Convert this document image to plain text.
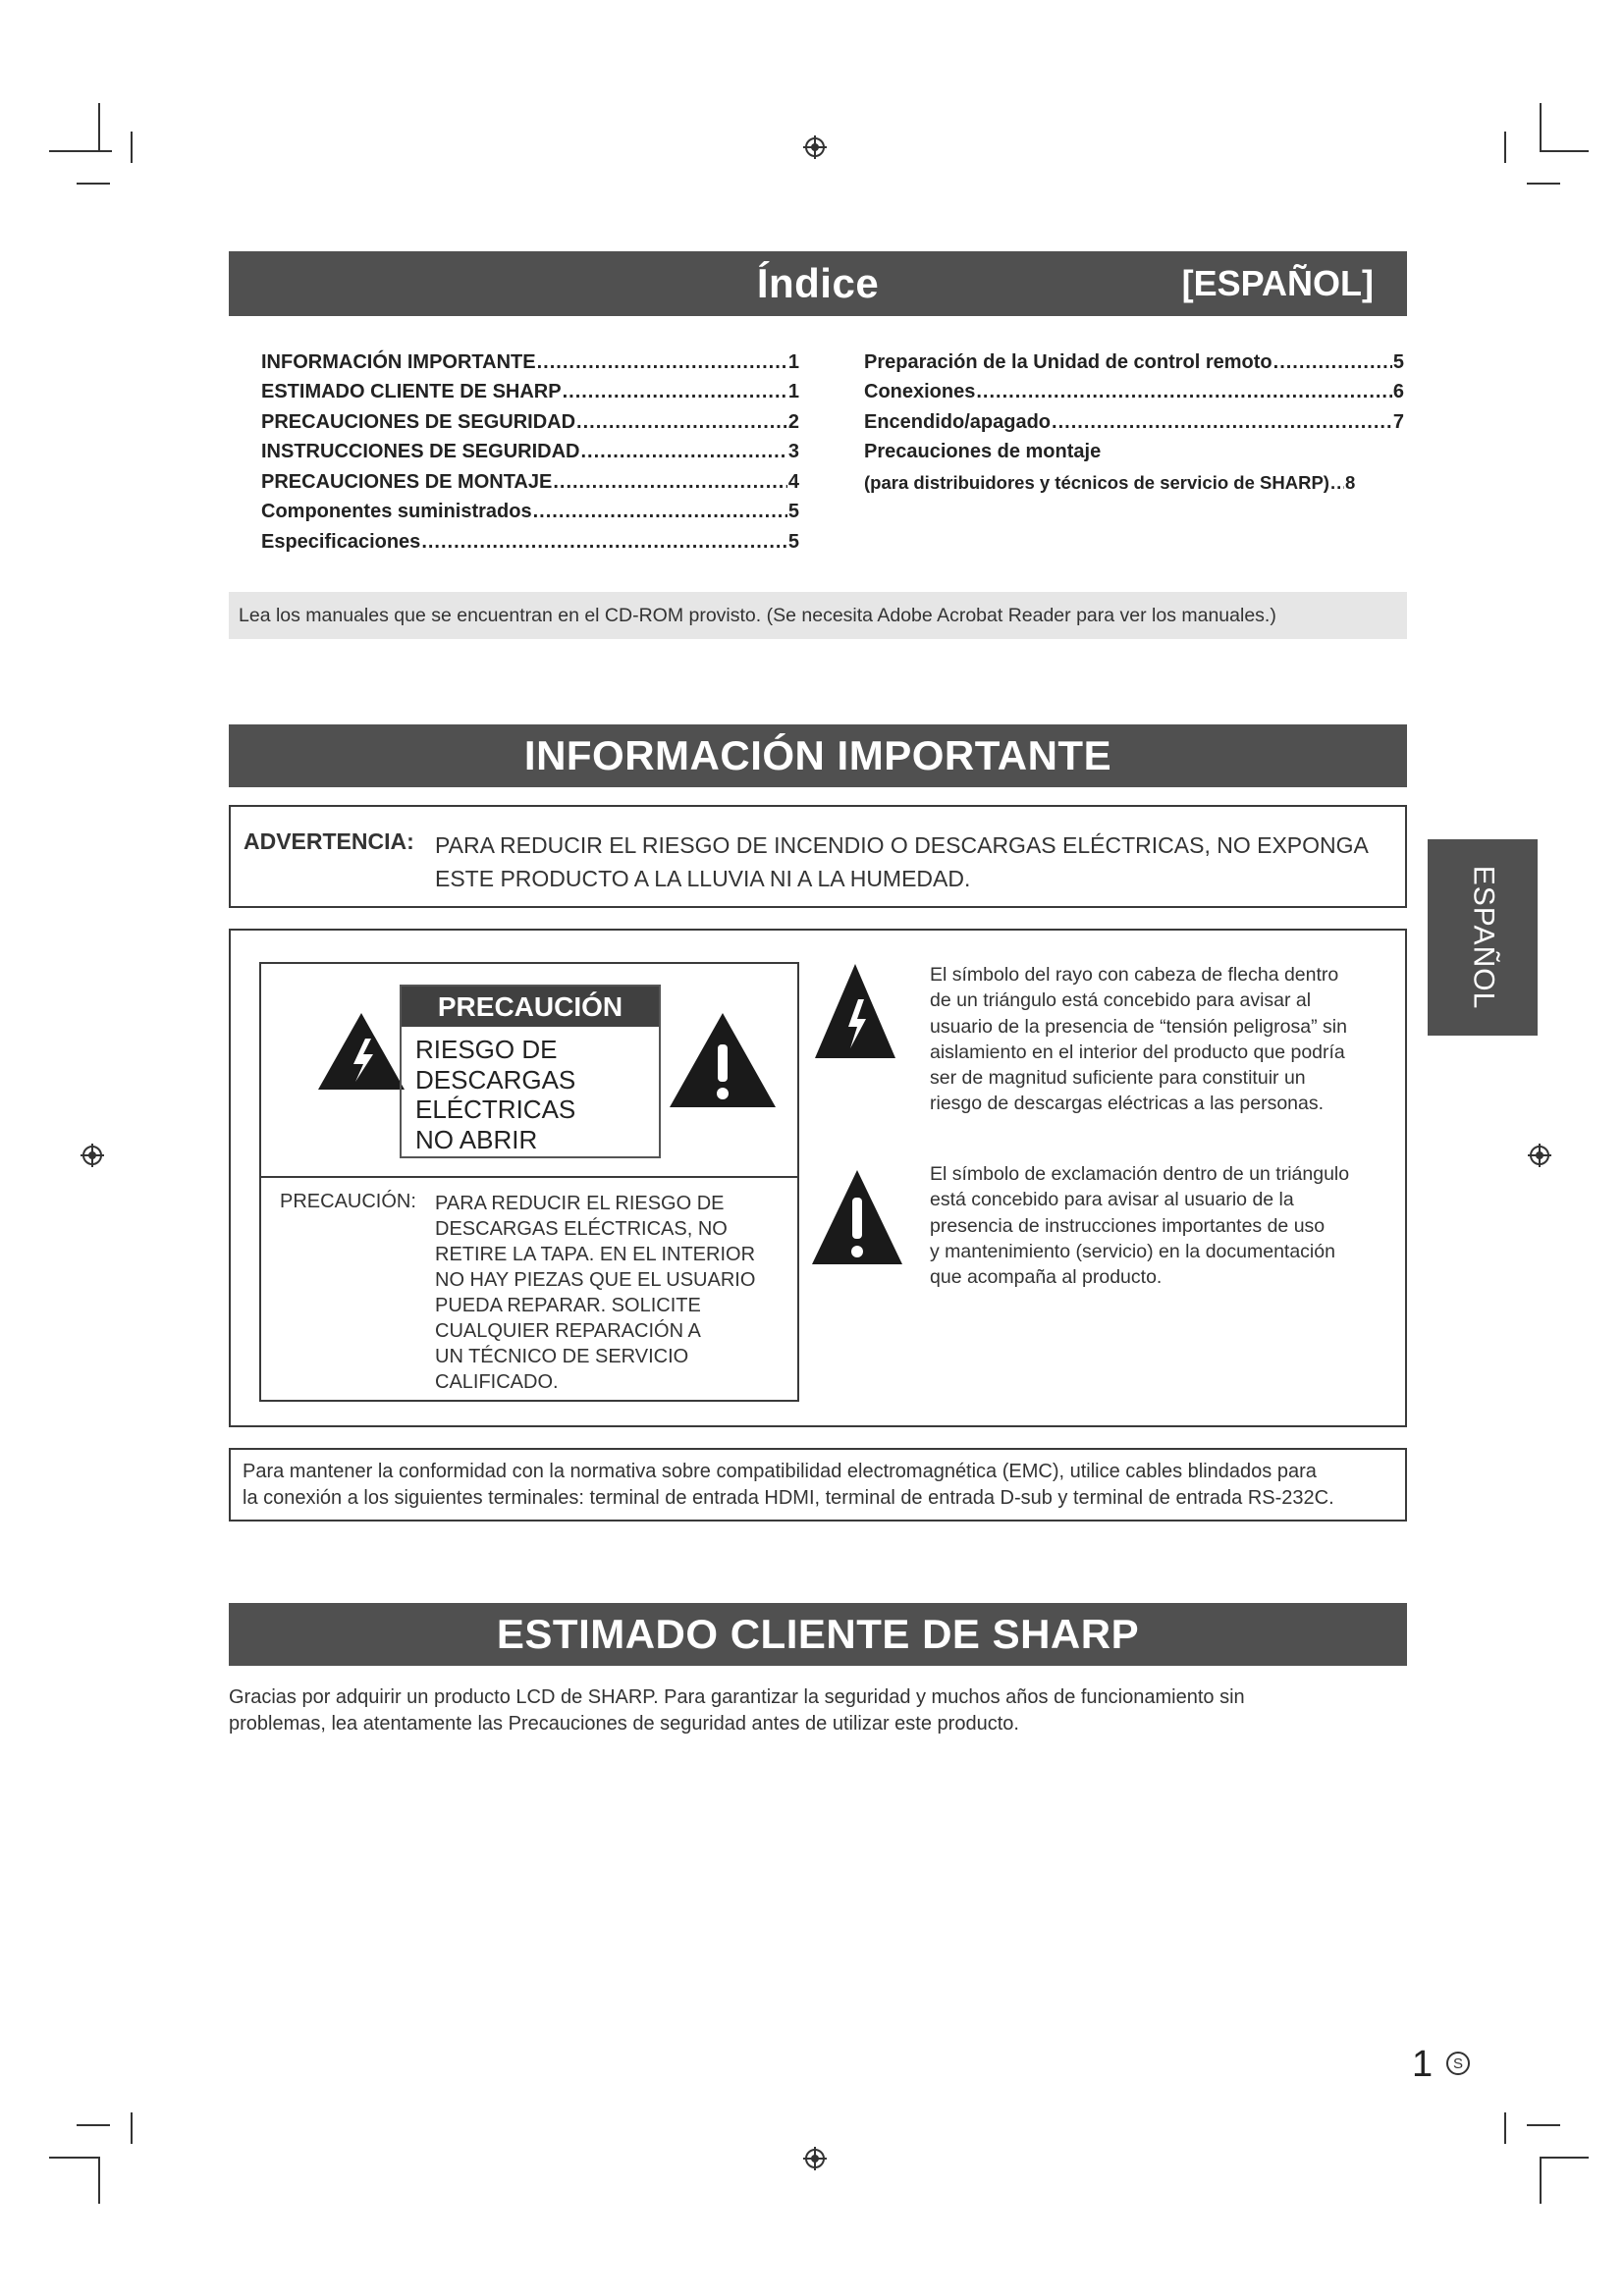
Índice	[ESPAÑOL]
INFORMACIÓN IMPORTANTE .....	1
ESTIMADO CLIENTE DE SHARP .....	1
PRECAUCIONES DE SEGURIDAD .....	2
INSTRUCCIONES DE SEGURIDAD .....	3
PRECAUCIONES DE MONTAJE .....	4
Componentes suministrados .....	5
Especificaciones .....	5
Preparación de la Unidad de control remoto .....	5
Conexiones .....	6
Encendido/apagado .....	7
Precauciones de montaje
(para distribuidores y técnicos de servicio de SHARP) ..... 8
Lea los manuales que se encuentran en el CD-ROM provisto. (Se necesita Adobe Acrobat Reader para ver los manuales.)
INFORMACIÓN IMPORTANTE
ADVERTENCIA: PARA REDUCIR EL RIESGO DE INCENDIO O DESCARGAS ELÉCTRICAS, NO EXPONGA ESTE PRODUCTO A LA LLUVIA NI A LA HUMEDAD.
PRECAUCIÓN
RIESGO DE
DESCARGAS
ELÉCTRICAS
NO ABRIR
PRECAUCIÓN: PARA REDUCIR EL RIESGO DE
DESCARGAS ELÉCTRICAS, NO
RETIRE LA TAPA. EN EL INTERIOR
NO HAY PIEZAS QUE EL USUARIO
PUEDA REPARAR. SOLICITE
CUALQUIER REPARACIÓN A
UN TÉCNICO DE SERVICIO
CALIFICADO.
El símbolo del rayo con cabeza de flecha dentro
de un triángulo está concebido para avisar al
usuario de la presencia de “tensión peligrosa” sin
aislamiento en el interior del producto que podría
ser de magnitud suficiente para constituir un
riesgo de descargas eléctricas a las personas.
El símbolo de exclamación dentro de un triángulo
está concebido para avisar al usuario de la
presencia de instrucciones importantes de uso
y mantenimiento (servicio) en la documentación
que acompaña al producto.
Para mantener la conformidad con la normativa sobre compatibilidad electromagnética (EMC), utilice cables blindados para
la conexión a los siguientes terminales: terminal de entrada HDMI, terminal de entrada D-sub y terminal de entrada RS-232C.
ESTIMADO CLIENTE DE SHARP
Gracias por adquirir un producto LCD de SHARP. Para garantizar la seguridad y muchos años de funcionamiento sin
problemas, lea atentamente las Precauciones de seguridad antes de utilizar este producto.
ESPAÑOL
1 S
